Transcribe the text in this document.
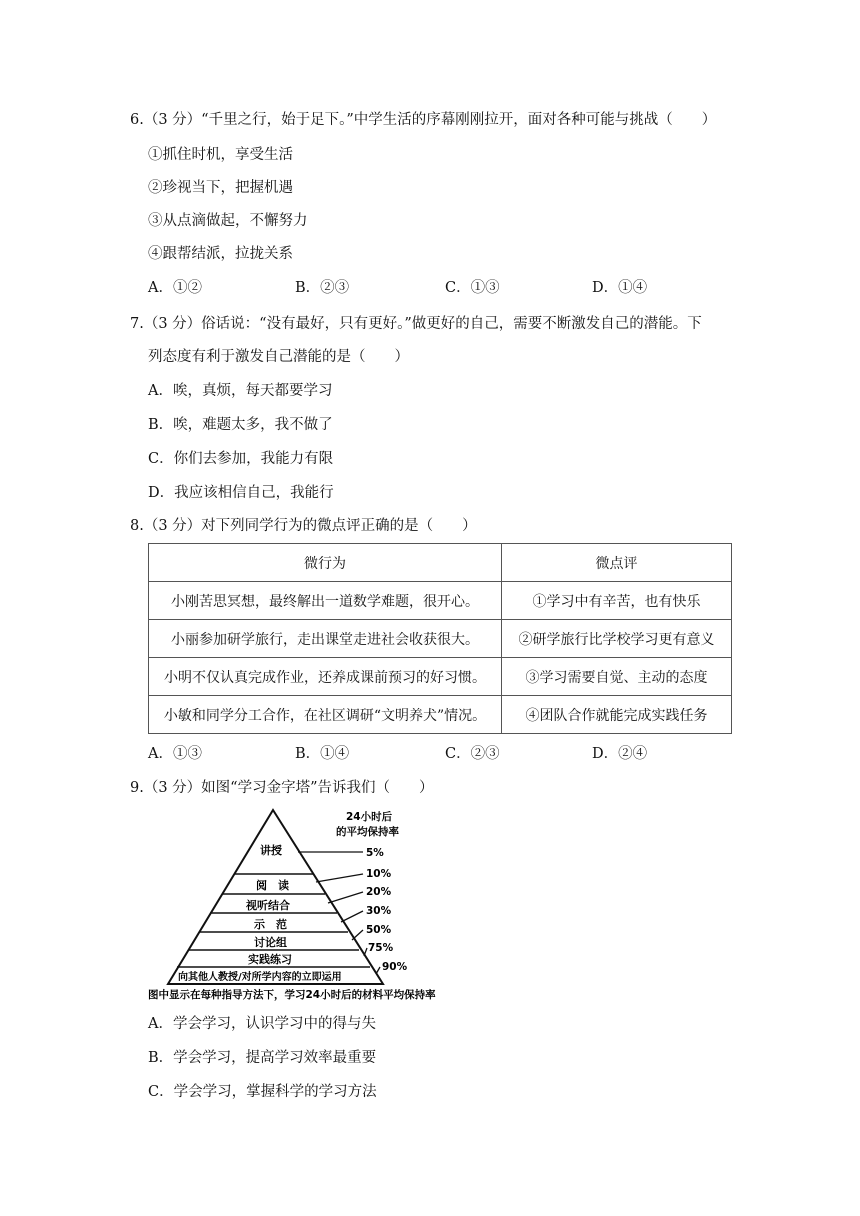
6.（3 分）“千里之行，始于足下。”中学生活的序幕刚刚拉开，面对各种可能与挑战（　　）
①抓住时机，享受生活
②珍视当下，把握机遇
③从点滴做起，不懈努力
④跟帮结派，拉拢关系
A．①②	B．②③	C．①③	D．①④
7.（3 分）俗话说：“没有最好，只有更好。”做更好的自己，需要不断激发自己的潜能。下
列态度有利于激发自己潜能的是（　　）
A．唉，真烦，每天都要学习
B．唉，难题太多，我不做了
C．你们去参加，我能力有限
D．我应该相信自己，我能行
8.（3 分）对下列同学行为的微点评正确的是（　　）
微行为	微点评
小刚苦思冥想，最终解出一道数学难题，很开心。	①学习中有辛苦，也有快乐
小丽参加研学旅行，走出课堂走进社会收获很大。	②研学旅行比学校学习更有意义
小明不仅认真完成作业，还养成课前预习的好习惯。	③学习需要自觉、主动的态度
小敏和同学分工合作，在社区调研“文明养犬”情况。	④团队合作就能完成实践任务
A．①③	B．①④	C．②③	D．②④
9.（3 分）如图“学习金字塔”告诉我们（　　）
24小时后
的平均保持率
讲授
阅　读
视听结合
示　范
讨论组
实践练习
向其他人教授/对所学内容的立即运用
5%
10%
20%
30%
50%
75%
90%
图中显示在每种指导方法下，学习24小时后的材料平均保持率
A．学会学习，认识学习中的得与失
B．学会学习，提高学习效率最重要
C．学会学习，掌握科学的学习方法
